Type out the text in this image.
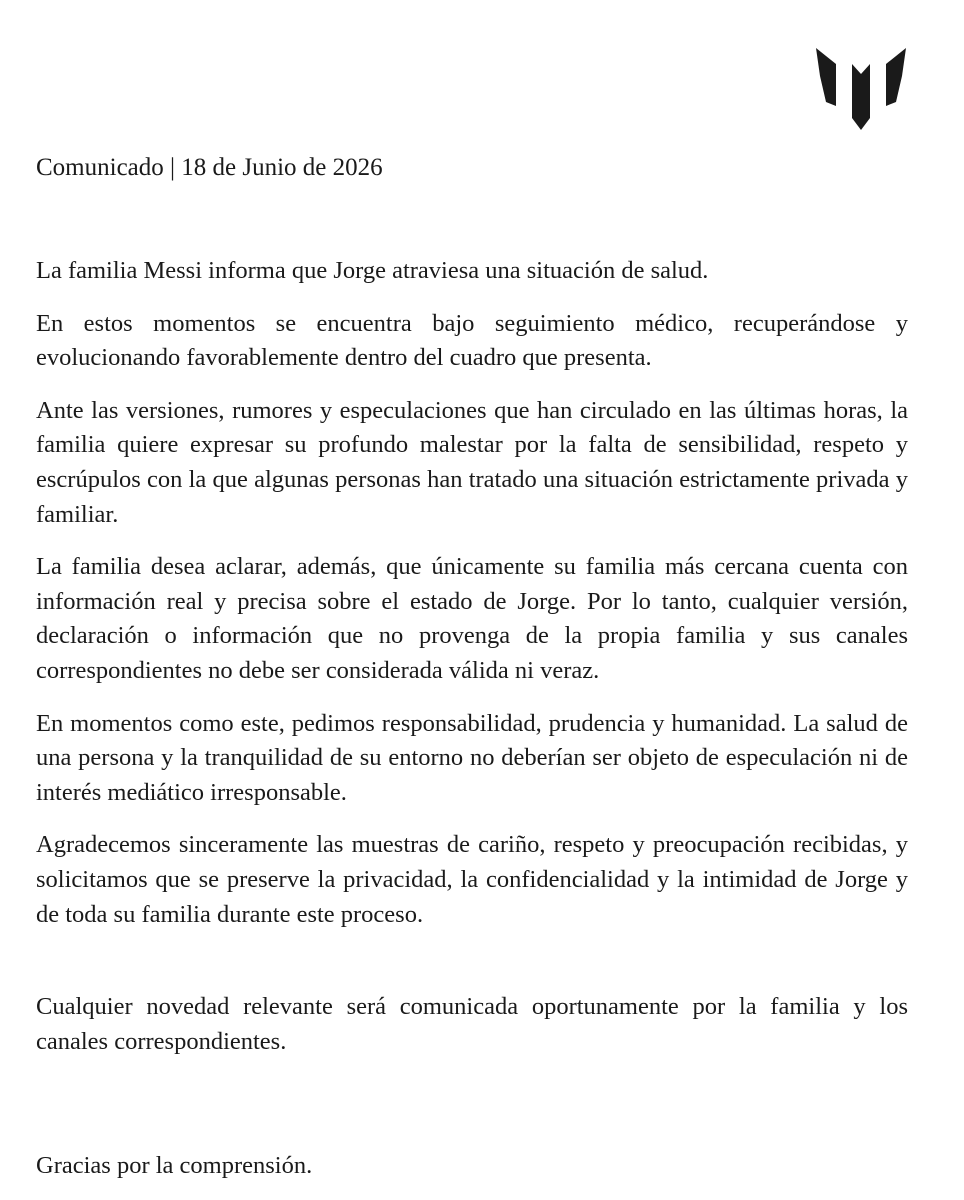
Comunicado | 18 de Junio de 2026

La familia Messi informa que Jorge atraviesa una situación de salud.

En estos momentos se encuentra bajo seguimiento médico, recuperándose y evolucionando favorablemente dentro del cuadro que presenta.

Ante las versiones, rumores y especulaciones que han circulado en las últimas horas, la familia quiere expresar su profundo malestar por la falta de sensibilidad, respeto y escrúpulos con la que algunas personas han tratado una situación estrictamente privada y familiar.

La familia desea aclarar, además, que únicamente su familia más cercana cuenta con información real y precisa sobre el estado de Jorge. Por lo tanto, cualquier versión, declaración o información que no provenga de la propia familia y sus canales correspondientes no debe ser considerada válida ni veraz.

En momentos como este, pedimos responsabilidad, prudencia y humanidad. La salud de una persona y la tranquilidad de su entorno no deberían ser objeto de especulación ni de interés mediático irresponsable.

Agradecemos sinceramente las muestras de cariño, respeto y preocupación recibidas, y solicitamos que se preserve la privacidad, la confidencialidad y la intimidad de Jorge y de toda su familia durante este proceso.

Cualquier novedad relevante será comunicada oportunamente por la familia y los canales correspondientes.

Gracias por la comprensión.
